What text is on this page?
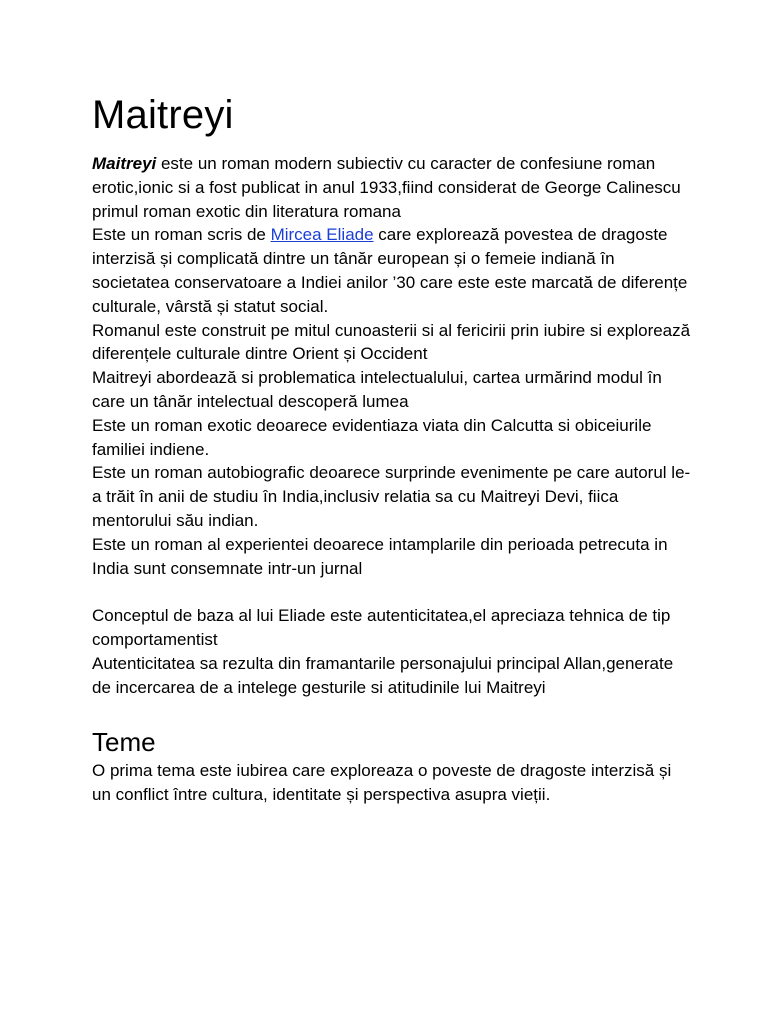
Maitreyi

Maitreyi este un roman modern subiectiv cu caracter de confesiune roman erotic,ionic si a fost publicat in anul 1933,fiind considerat de George Calinescu primul roman exotic din literatura romana

Este un roman scris de Mircea Eliade care explorează povestea de dragoste interzisă și complicată dintre un tânăr european și o femeie indiană în societatea conservatoare a Indiei anilor ’30 care este este marcată de diferențe culturale, vârstă și statut social.

Romanul este construit pe mitul cunoasterii si al fericirii prin iubire si explorează diferențele culturale dintre Orient și Occident

Maitreyi abordează si problematica intelectualului, cartea urmărind modul în care un tânăr intelectual descoperă lumea

Este un roman exotic deoarece evidentiaza viata din Calcutta si obiceiurile familiei indiene.

Este un roman autobiografic deoarece surprinde evenimente pe care autorul le-a trăit în anii de studiu în India,inclusiv relatia sa cu Maitreyi Devi, fiica mentorului său indian.

Este un roman al experientei deoarece intamplarile din perioada petrecuta in India sunt consemnate intr-un jurnal

Conceptul de baza al lui Eliade este autenticitatea,el apreciaza tehnica de tip comportamentist

Autenticitatea sa rezulta din framantarile personajului principal Allan,generate de incercarea de a intelege gesturile si atitudinile lui Maitreyi

Teme

O prima tema este iubirea care exploreaza o poveste de dragoste interzisă și un conflict între cultura, identitate și perspectiva asupra vieții.
